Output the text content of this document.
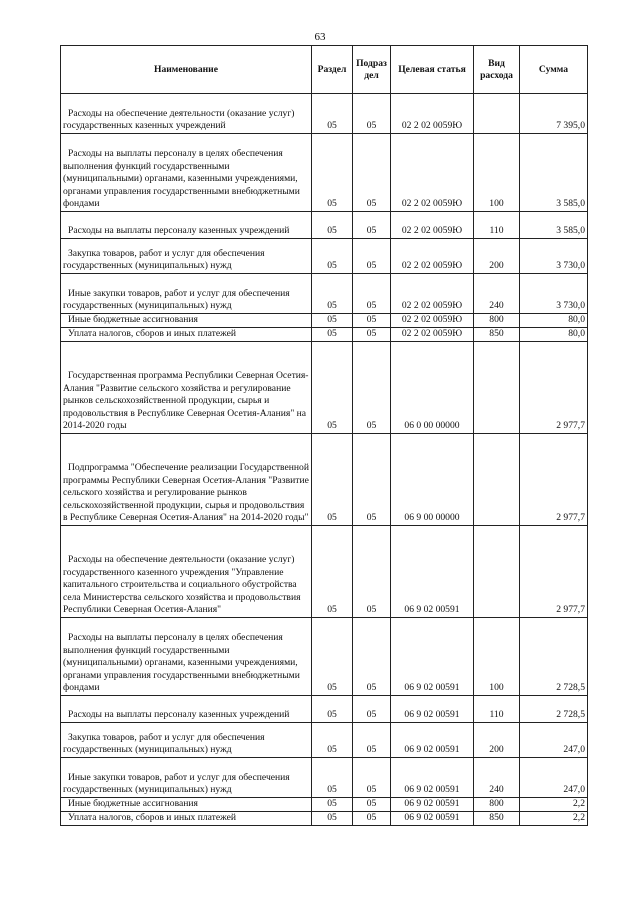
63
Наименование	Раздел	Подраз дел	Целевая статья	Вид расхода	Сумма

Расходы на обеспечение деятельности (оказание услуг) государственных казенных учреждений	05	05	02 2 02 0059Ю		7 395,0

Расходы на выплаты персоналу в целях обеспечения выполнения функций государственными (муниципальными) органами, казенными учреждениями, органами управления государственными внебюджетными фондами	05	05	02 2 02 0059Ю	100	3 585,0

Расходы на выплаты персоналу казенных учреждений	05	05	02 2 02 0059Ю	110	3 585,0

Закупка товаров, работ и услуг для обеспечения государственных (муниципальных) нужд	05	05	02 2 02 0059Ю	200	3 730,0

Иные закупки товаров, работ и услуг для обеспечения государственных (муниципальных) нужд	05	05	02 2 02 0059Ю	240	3 730,0

Иные бюджетные ассигнования	05	05	02 2 02 0059Ю	800	80,0

Уплата налогов, сборов и иных платежей	05	05	02 2 02 0059Ю	850	80,0

Государственная программа Республики Северная Осетия-Алания "Развитие сельского хозяйства и регулирование рынков сельскохозяйственной продукции, сырья и продовольствия в Республике Северная Осетия-Алания" на 2014-2020 годы	05	05	06 0 00 00000		2 977,7

Подпрограмма "Обеспечение реализации Государственной программы Республики Северная Осетия-Алания "Развитие сельского хозяйства и регулирование рынков сельскохозяйственной продукции, сырья и продовольствия в Республике Северная Осетия-Алания" на 2014-2020 годы"	05	05	06 9 00 00000		2 977,7

Расходы на обеспечение деятельности (оказание услуг) государственного казенного учреждения "Управление капитального строительства и социального обустройства села Министерства сельского хозяйства и продовольствия Республики Северная Осетия-Алания"	05	05	06 9 02 00591		2 977,7

Расходы на выплаты персоналу в целях обеспечения выполнения функций государственными (муниципальными) органами, казенными учреждениями, органами управления государственными внебюджетными фондами	05	05	06 9 02 00591	100	2 728,5

Расходы на выплаты персоналу казенных учреждений	05	05	06 9 02 00591	110	2 728,5

Закупка товаров, работ и услуг для обеспечения государственных (муниципальных) нужд	05	05	06 9 02 00591	200	247,0

Иные закупки товаров, работ и услуг для обеспечения государственных (муниципальных) нужд	05	05	06 9 02 00591	240	247,0

Иные бюджетные ассигнования	05	05	06 9 02 00591	800	2,2

Уплата налогов, сборов и иных платежей	05	05	06 9 02 00591	850	2,2
